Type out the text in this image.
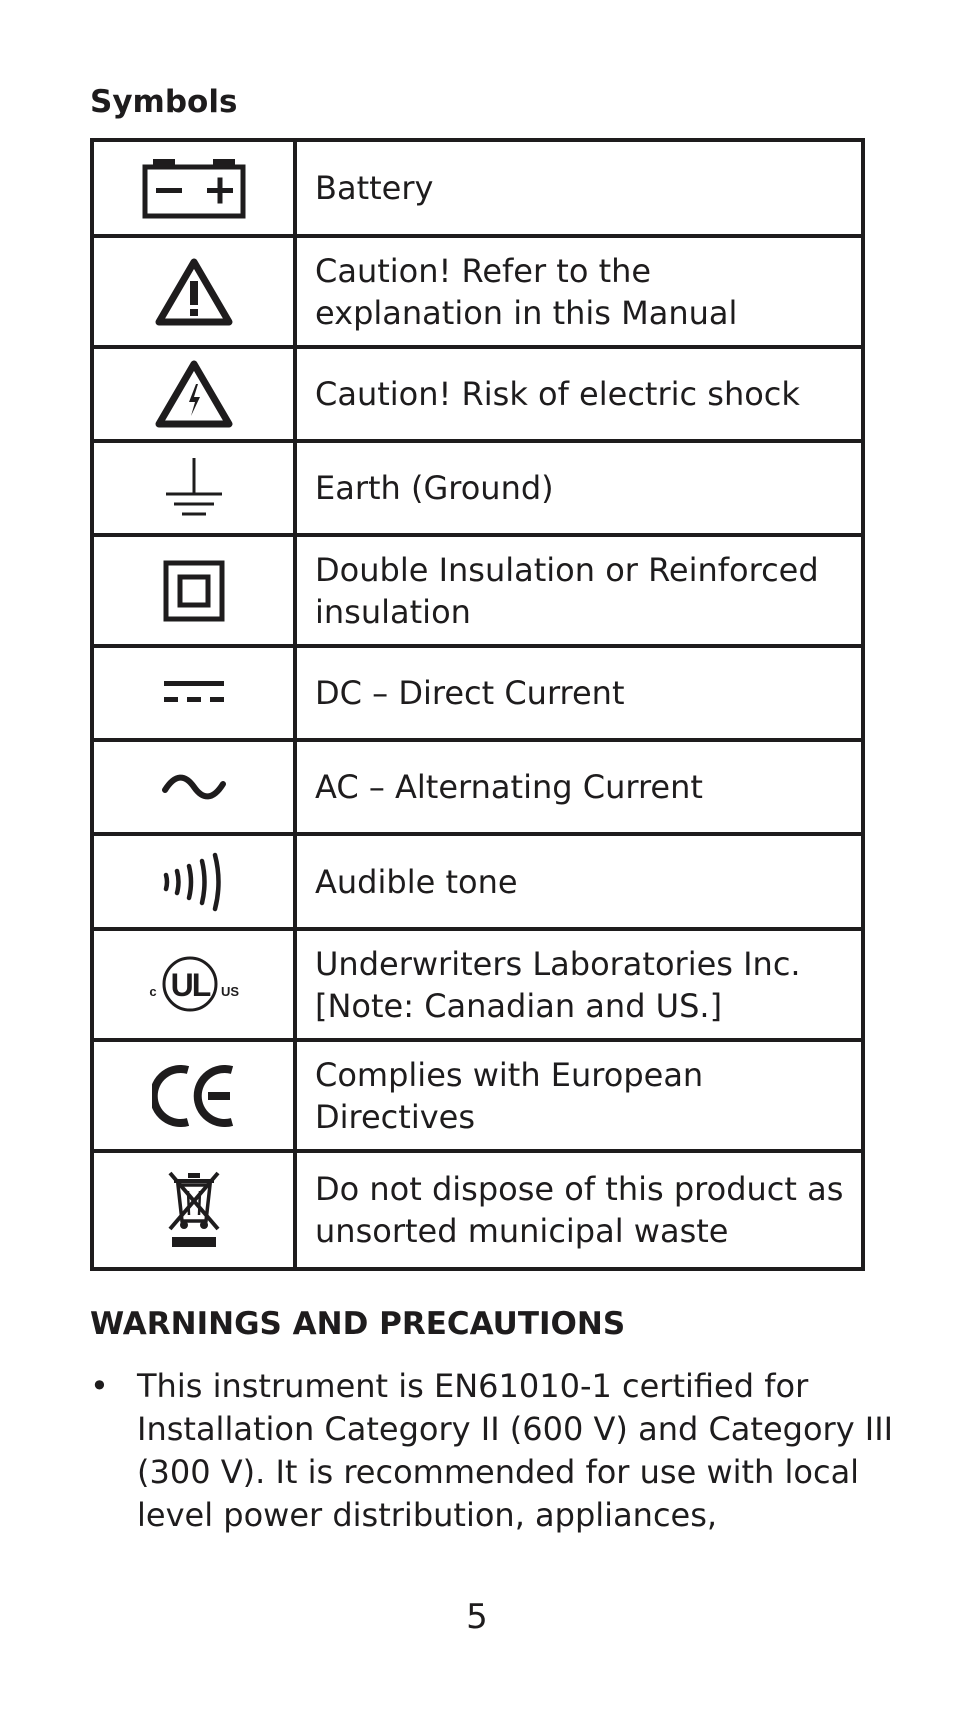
Symbols
	Battery

	Caution! Refer to the explanation in this Manual

	Caution! Risk of electric shock

	Earth (Ground)

	Double Insulation or Reinforced insulation

	DC – Direct Current

	AC – Alternating Current

	Audible tone

c UL US	Underwriters Laboratories Inc. [Note: Canadian and US.]

	Complies with European Directives

	Do not dispose of this product as unsorted municipal waste
WARNINGS AND PRECAUTIONS
• This instrument is EN61010-1 certified for Installation Category II (600 V) and Category III (300 V). It is recommended for use with local level power distribution, appliances,
5
